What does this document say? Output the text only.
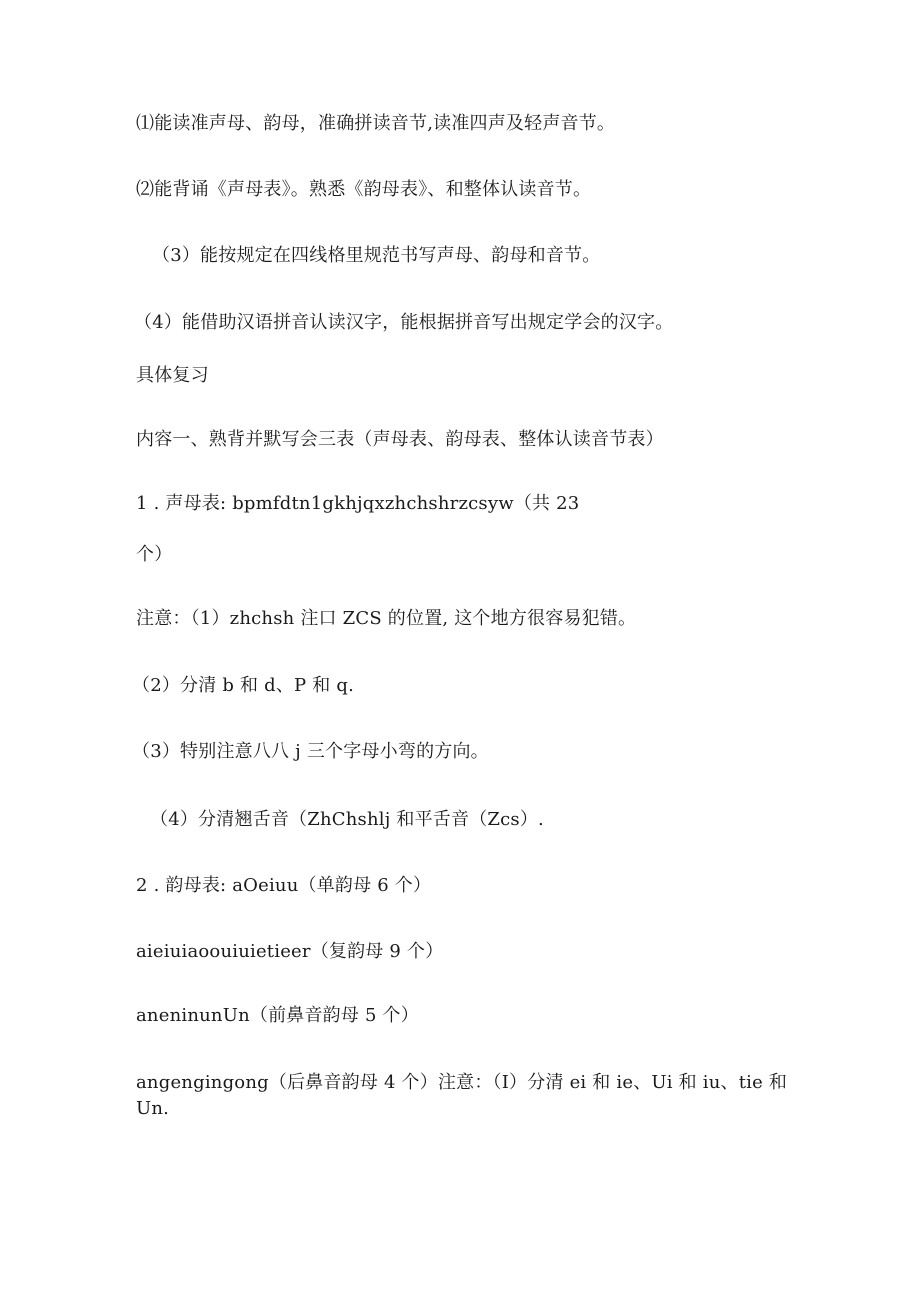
⑴能读准声母、韵母，准确拼读音节,读准四声及轻声音节。
⑵能背诵《声母表》。熟悉《韵母表》、和整体认读音节。
（3）能按规定在四线格里规范书写声母、韵母和音节。
（4）能借助汉语拼音认读汉字，能根据拼音写出规定学会的汉字。
具体复习
内容一、熟背并默写会三表（声母表、韵母表、整体认读音节表）
1 . 声母表: bpmfdtn1gkhjqxzhchshrzcsyw（共 23
个）
注意：（1）zhchsh 注口 ZCS 的位置, 这个地方很容易犯错。
（2）分清 b 和 d、P 和 q.
（3）特别注意八八 j 三个字母小弯的方向。
（4）分清翘舌音（ZhChshlj 和平舌音（Zcs）.
2 . 韵母表: aOeiuu（单韵母 6 个）
aieiuiaoouiuietieer（复韵母 9 个）
aneninunUn（前鼻音韵母 5 个）
angengingong（后鼻音韵母 4 个）注意：（I）分清 ei 和 ie、Ui 和 iu、tie 和
Un.
